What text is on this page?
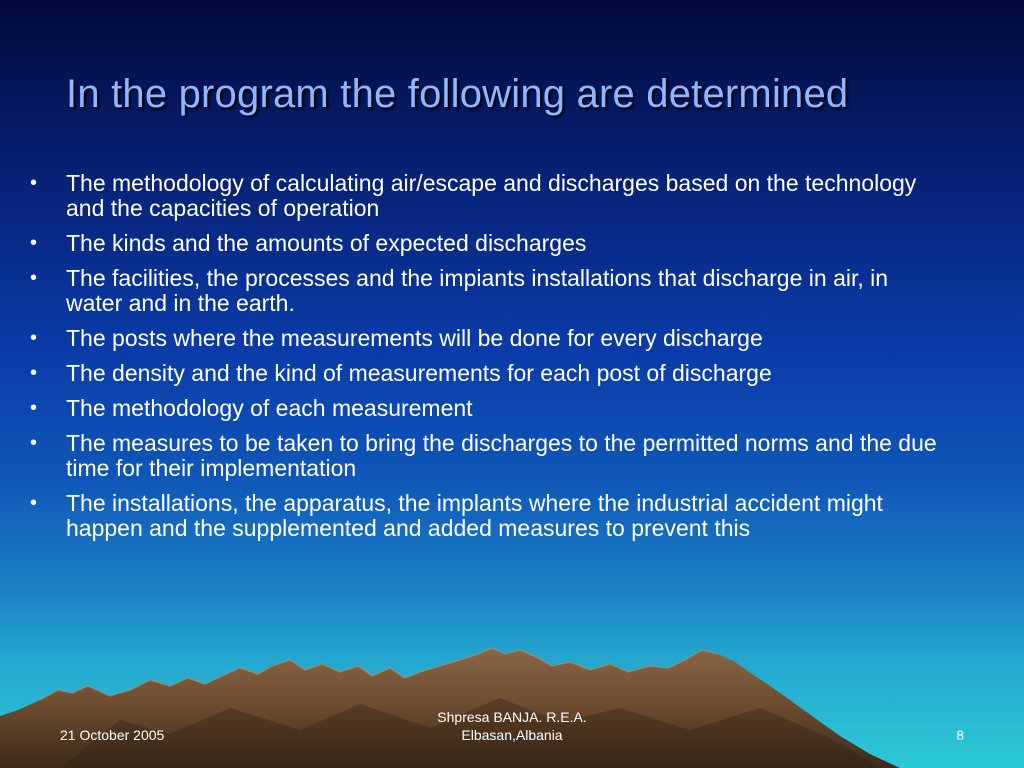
In the program the following are determined
•	The methodology of calculating air/escape and discharges based on the technology and the capacities of operation
•	The kinds and the amounts of expected discharges
•	The facilities, the processes and the impiants installations that discharge in air, in water and in the earth.
•	The posts where the measurements will be done for every discharge
•	The density and the kind of measurements for each post of discharge
•	The methodology of each measurement
•	The measures to be taken to bring the discharges to the permitted norms and the due time for their implementation
•	The installations, the apparatus, the implants where the industrial accident might happen and the supplemented and added measures to prevent this
21 October 2005
Shpresa BANJA. R.E.A.
Elbasan,Albania	8
